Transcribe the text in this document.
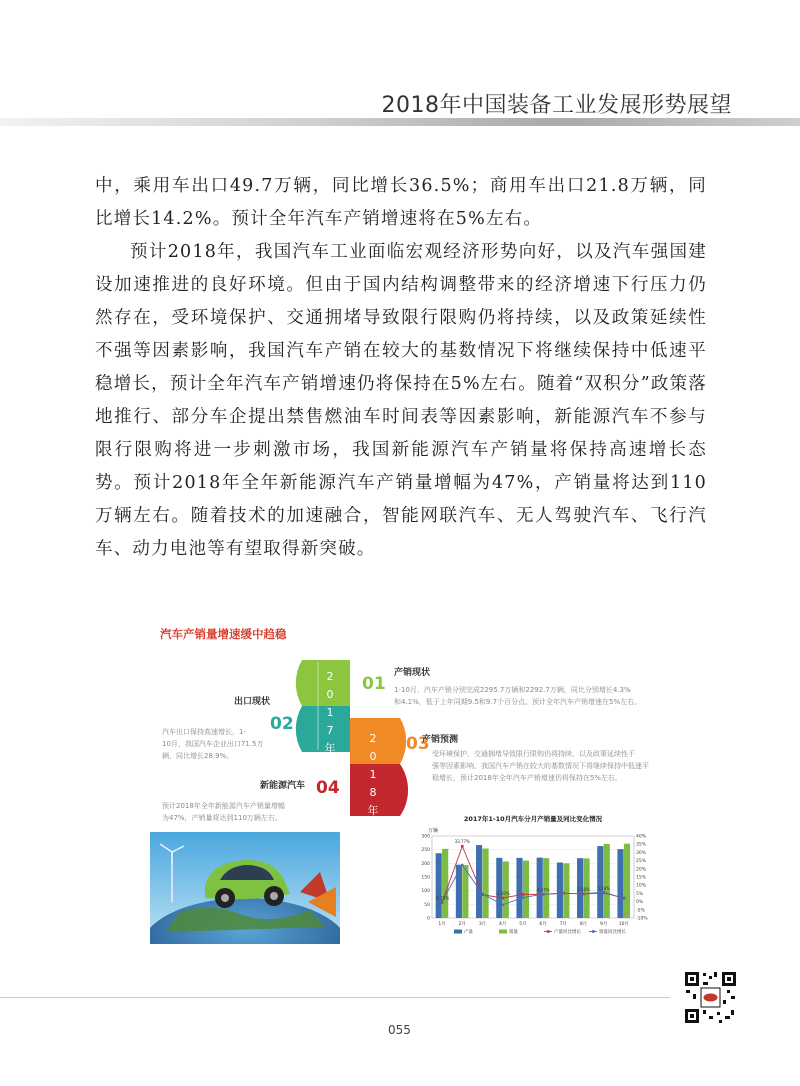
2018年中国装备工业发展形势展望

中，乘用车出口49.7万辆，同比增长36.5%；商用车出口21.8万辆，同比增长14.2%。预计全年汽车产销增速将在5%左右。

预计2018年，我国汽车工业面临宏观经济形势向好，以及汽车强国建设加速推进的良好环境。但由于国内结构调整带来的经济增速下行压力仍然存在，受环境保护、交通拥堵导致限行限购仍将持续，以及政策延续性不强等因素影响，我国汽车产销在较大的基数情况下将继续保持中低速平稳增长，预计全年汽车产销增速仍将保持在5%左右。随着“双积分”政策落地推行、部分车企提出禁售燃油车时间表等因素影响，新能源汽车不参与限行限购将进一步刺激市场，我国新能源汽车产销量将保持高速增长态势。预计2018年全年新能源汽车产销量增幅为47%，产销量将达到110万辆左右。随着技术的加速融合，智能网联汽车、无人驾驶汽车、飞行汽车、动力电池等有望取得新突破。

汽车产销量增速缓中趋稳
2
0
1
7
年
2
0
1
8
年
01
产销现状
1-10月，汽车产销分别完成2295.7万辆和2292.7万辆，同比分别增长4.3%
和4.1%，低于上年同期9.5和9.7个百分点。预计全年汽车产销增速在5%左右。
出口现状
02
汽车出口保持高速增长，1-
10月，我国汽车企业出口71.5万
辆，同比增长28.9%。
03
产销预测
受环境保护、交通拥堵导致限行限购仍将持续，以及政策延续性不
强等因素影响，我国汽车产销在较大的基数情况下将继续保持中低速平
稳增长，预计2018年全年汽车产销增速仍将保持在5%左右。
新能源汽车 04
预计2018年全年新能源汽车产销量增幅
为47%，产销量将达到110万辆左右。	2017年1-10月汽车分月产销量及同比变化情况
万辆
300
250
200
150
100
50
0
40%
35%
30%
25%
20%
15%
10%
5%
0%
-5%
-10%
1月	2月	3月	4月	5月	6月	7月	8月	9月	10月
-0.18%
33.77%
-2.20%
4.47%	5.58% 5.18%
产量	销量	产量同比增长	销量同比增长
055
